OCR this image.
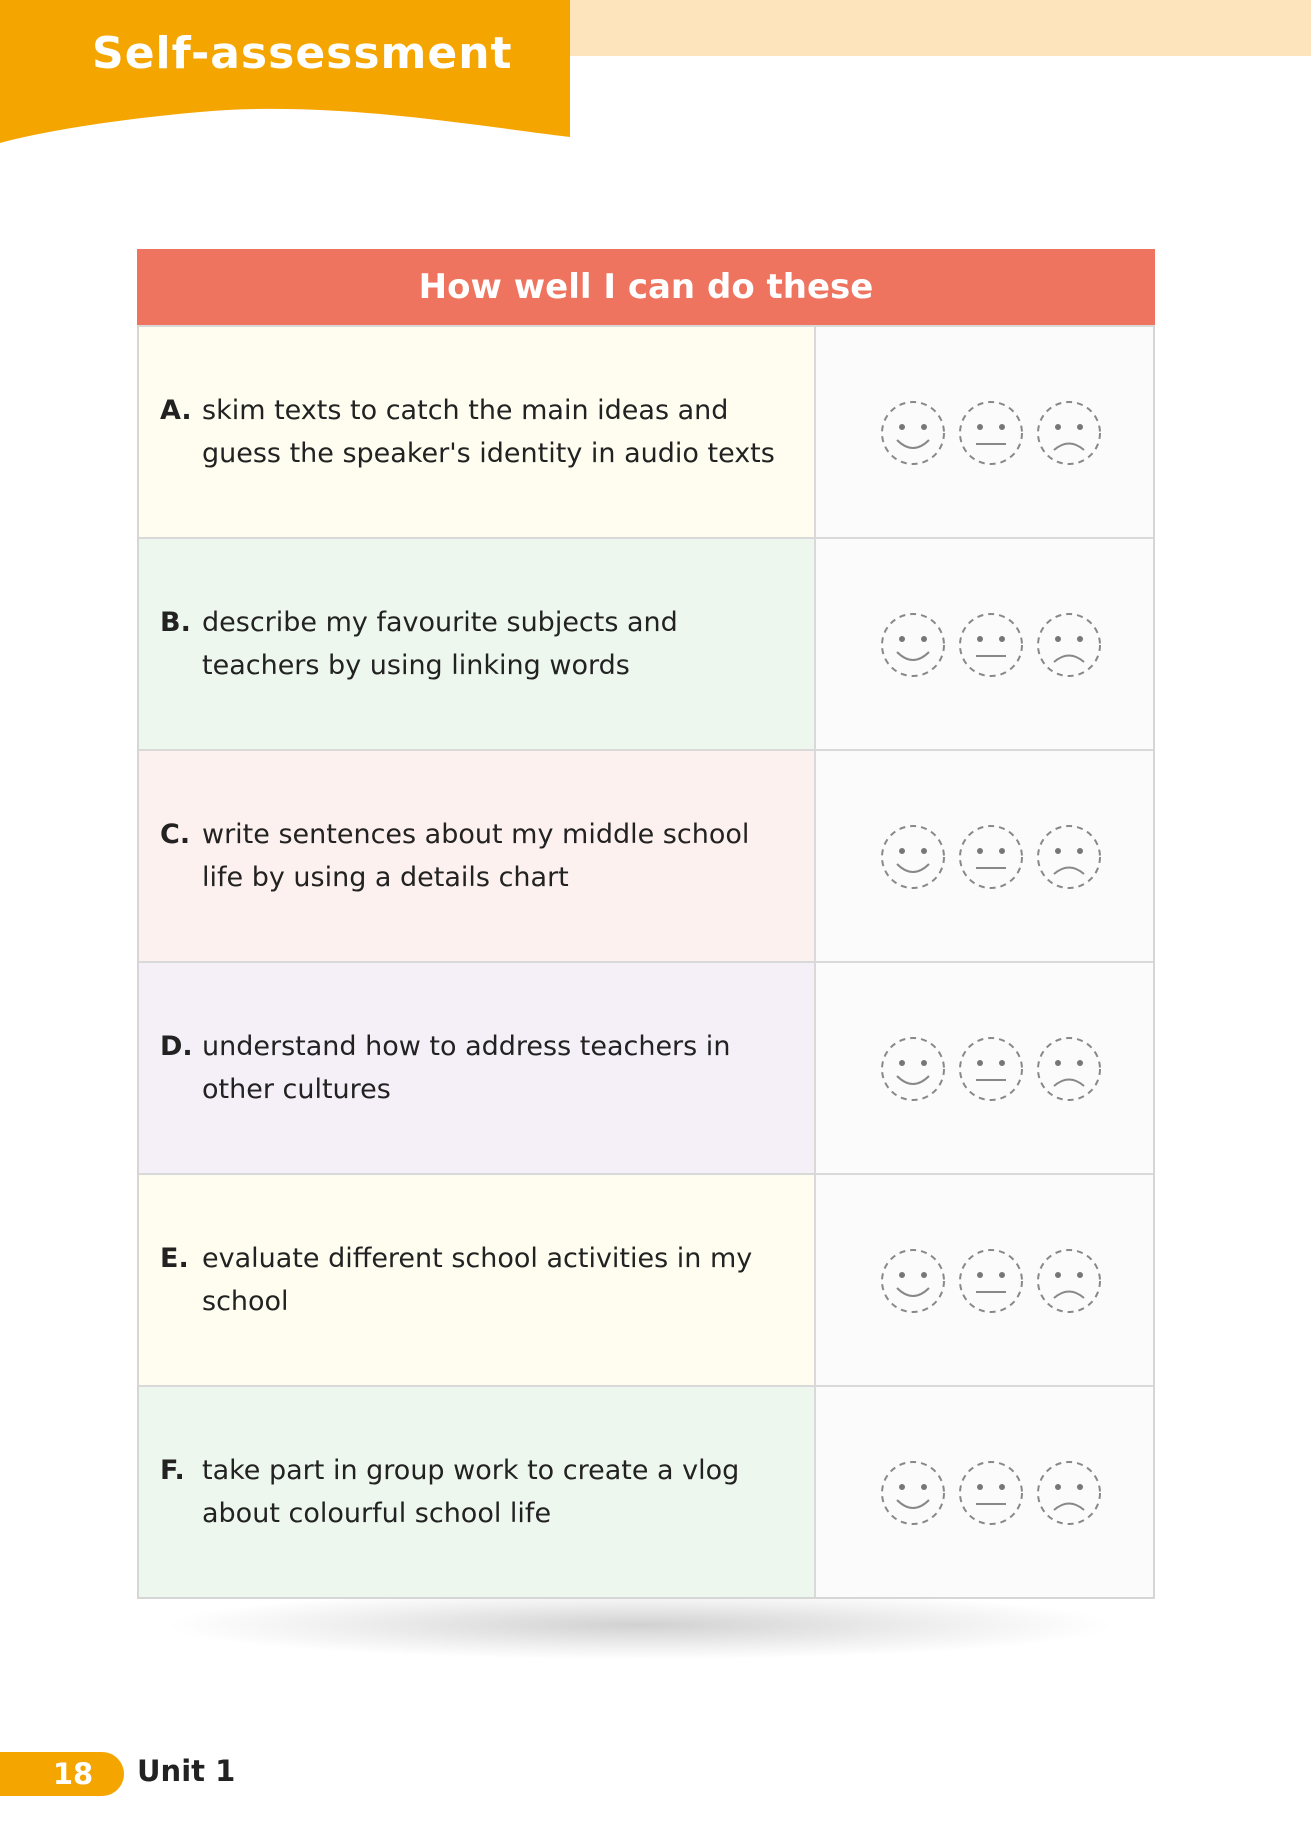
Self-assessment
How well I can do these
A. skim texts to catch the main ideas and guess the speaker's identity in audio texts
B. describe my favourite subjects and teachers by using linking words
C. write sentences about my middle school life by using a details chart
D. understand how to address teachers in other cultures
E. evaluate different school activities in my school
F. take part in group work to create a vlog about colourful school life
18 Unit 1
